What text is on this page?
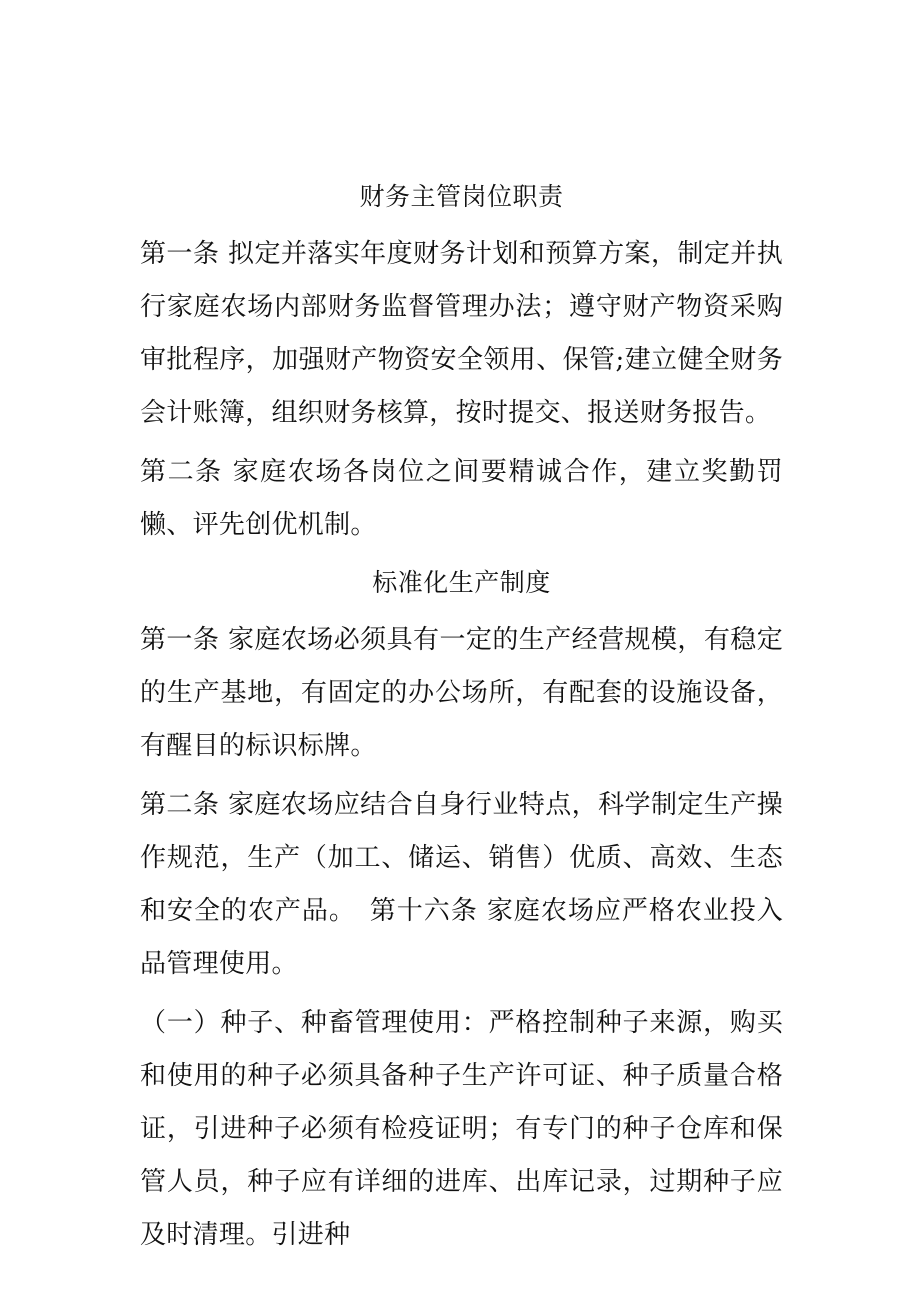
财务主管岗位职责

第一条 拟定并落实年度财务计划和预算方案，制定并执行家庭农场内部财务监督管理办法；遵守财产物资采购审批程序，加强财产物资安全领用、保管;建立健全财务会计账簿，组织财务核算，按时提交、报送财务报告。

第二条 家庭农场各岗位之间要精诚合作，建立奖勤罚懒、评先创优机制。

标准化生产制度

第一条 家庭农场必须具有一定的生产经营规模，有稳定的生产基地，有固定的办公场所，有配套的设施设备，有醒目的标识标牌。

第二条 家庭农场应结合自身行业特点，科学制定生产操作规范，生产（加工、储运、销售）优质、高效、生态和安全的农产品。　第十六条 家庭农场应严格农业投入品管理使用。

（一）种子、种畜管理使用：严格控制种子来源，购买和使用的种子必须具备种子生产许可证、种子质量合格证，引进种子必须有检疫证明；有专门的种子仓库和保管人员，种子应有详细的进库、出库记录，过期种子应及时清理。引进种
